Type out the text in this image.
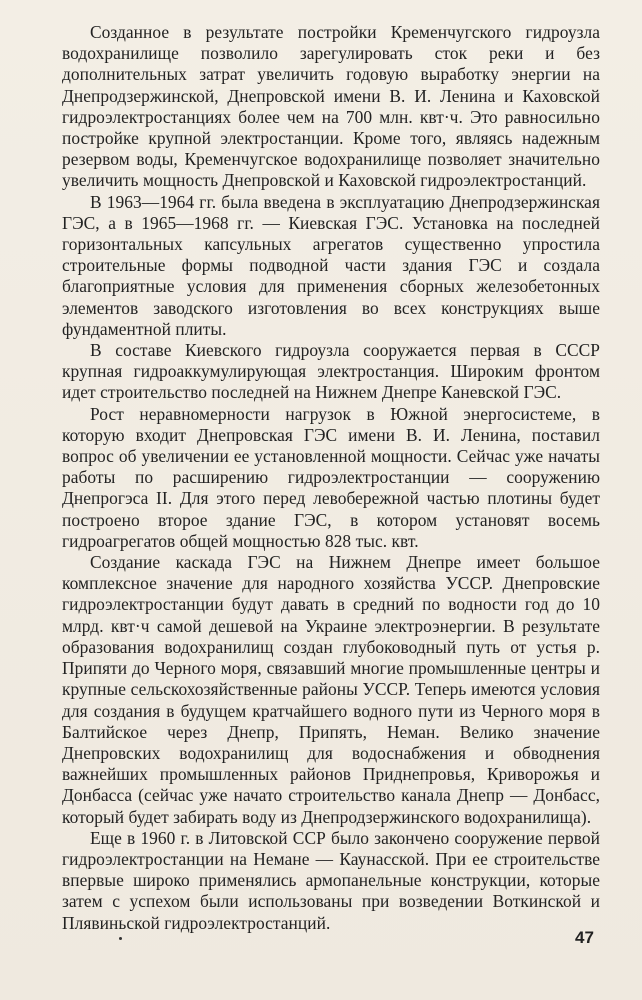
Созданное в результате постройки Кременчугского гидроузла водохранилище позволило зарегулировать сток реки и без дополнительных затрат увеличить годовую выработку энергии на Днепродзержинской, Днепровской имени В. И. Ленина и Каховской гидроэлектростанциях более чем на 700 млн. квт·ч. Это равносильно постройке крупной электростанции. Кроме того, являясь надежным резервом воды, Кременчугское водохранилище позволяет значительно увеличить мощность Днепровской и Каховской гидроэлектростанций.

В 1963—1964 гг. была введена в эксплуатацию Днепродзержинская ГЭС, а в 1965—1968 гг. — Киевская ГЭС. Установка на последней горизонтальных капсульных агрегатов существенно упростила строительные формы подводной части здания ГЭС и создала благоприятные условия для применения сборных железобетонных элементов заводского изготовления во всех конструкциях выше фундаментной плиты.

В составе Киевского гидроузла сооружается первая в СССР крупная гидроаккумулирующая электростанция. Широким фронтом идет строительство последней на Нижнем Днепре Каневской ГЭС.

Рост неравномерности нагрузок в Южной энергосистеме, в которую входит Днепровская ГЭС имени В. И. Ленина, поставил вопрос об увеличении ее установленной мощности. Сейчас уже начаты работы по расширению гидроэлектростанции — сооружению Днепрогэса II. Для этого перед левобережной частью плотины будет построено второе здание ГЭС, в котором установят восемь гидроагрегатов общей мощностью 828 тыс. квт.

Создание каскада ГЭС на Нижнем Днепре имеет большое комплексное значение для народного хозяйства УССР. Днепровские гидроэлектростанции будут давать в средний по водности год до 10 млрд. квт·ч самой дешевой на Украине электроэнергии. В результате образования водохранилищ создан глубоководный путь от устья р. Припяти до Черного моря, связавший многие промышленные центры и крупные сельскохозяйственные районы УССР. Теперь имеются условия для создания в будущем кратчайшего водного пути из Черного моря в Балтийское через Днепр, Припять, Неман. Велико значение Днепровских водохранилищ для водоснабжения и обводнения важнейших промышленных районов Приднепровья, Криворожья и Донбасса (сейчас уже начато строительство канала Днепр — Донбасс, который будет забирать воду из Днепродзержинского водохранилища).

Еще в 1960 г. в Литовской ССР было закончено сооружение первой гидроэлектростанции на Немане — Каунасской. При ее строительстве впервые широко применялись армопанельные конструкции, которые затем с успехом были использованы при возведении Воткинской и Плявиньской гидроэлектростанций.

47
